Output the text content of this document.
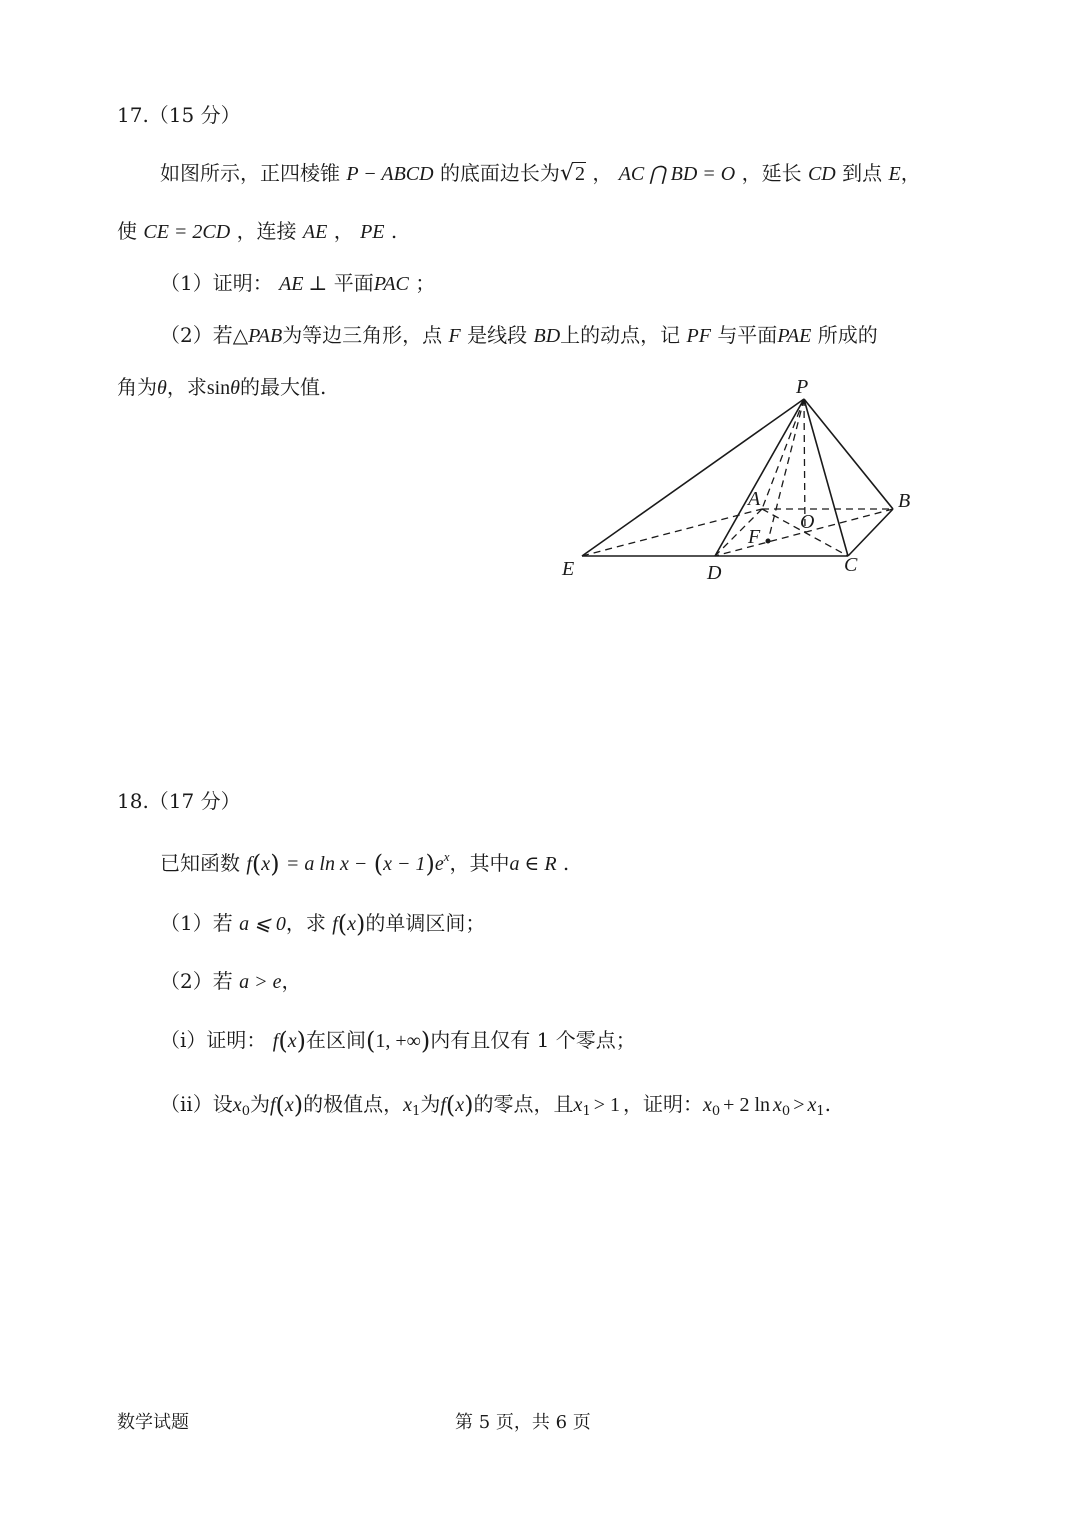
17.（15 分）
如图所示，正四棱锥 P − ABCD 的底面边长为√2 ， AC ⋂ BD = O ，延长 CD 到点 E，
使 CE = 2CD ，连接 AE ， PE .
（1）证明： AE ⊥ 平面PAC ；
（2）若△PAB为等边三角形，点 F 是线段 BD上的动点，记 PF 与平面PAE 所成的
角为θ，求sinθ的最大值.	P
A	B
O
F
C
D
E
18.（17 分）
已知函数 f(x) = a $\ln x - (x - 1)e^x$，其中a ∈ R .
（1）若 a ⩽ 0，求 f(x)的单调区间；
（2）若 a > e，
（i）证明： f(x)在区间(1, +∞)内有且仅有 1 个零点；
（ii）设$x_0$为f(x)的极值点，$x_1$为f(x)的零点，且$x_1 > 1$ ，证明：$x_0 + 2$ $\ln x_0 > x_1$.
数学试题	第 5 页，共 6 页
